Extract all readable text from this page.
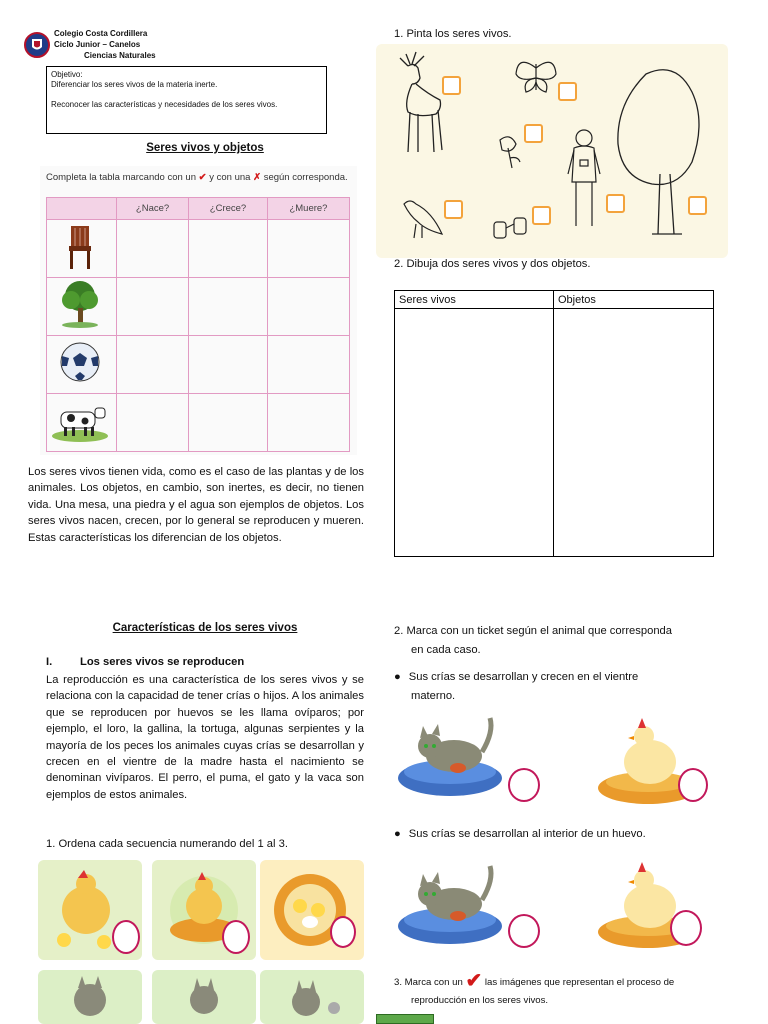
Colegio Costa Cordillera
Ciclo Junior – Canelos
Ciencias Naturales
Objetivo:
Diferenciar los seres vivos de la materia inerte.
Reconocer las características y necesidades de los seres vivos.
Seres vivos y objetos
Completa la tabla marcando con un ✔ y con una ✗ según corresponda.
	¿Nace?	¿Crece?	¿Muere?

Los seres vivos tienen vida, como es el caso de las plantas y de los animales. Los objetos, en cambio, son inertes, es decir, no tienen vida. Una mesa, una piedra y el agua son ejemplos de objetos. Los seres vivos nacen, crecen, por lo general se reproducen y mueren. Estas características los diferencian de los objetos.
1. Pinta los seres vivos.
2. Dibuja dos seres vivos y dos objetos.
Seres vivos	Objetos

Características de los seres vivos
I. Los seres vivos se reproducen
La reproducción es una característica de los seres vivos y se relaciona con la capacidad de tener crías o hijos. A los animales que se reproducen por huevos se les llama ovíparos; por ejemplo, el loro, la gallina, la tortuga, algunas serpientes y la mayoría de los peces los animales cuyas crías se desarrollan y crecen en el vientre de la madre hasta el nacimiento se denominan vivíparos. El perro, el puma, el gato y la vaca son ejemplos de estos animales.
1. Ordena cada secuencia numerando del 1 al 3.
2. Marca con un ticket según el animal que corresponda
en cada caso.
● Sus crías se desarrollan y crecen en el vientre
materno.
● Sus crías se desarrollan al interior de un huevo.
3. Marca con un ✔ las imágenes que representan el proceso de
reproducción en los seres vivos.
